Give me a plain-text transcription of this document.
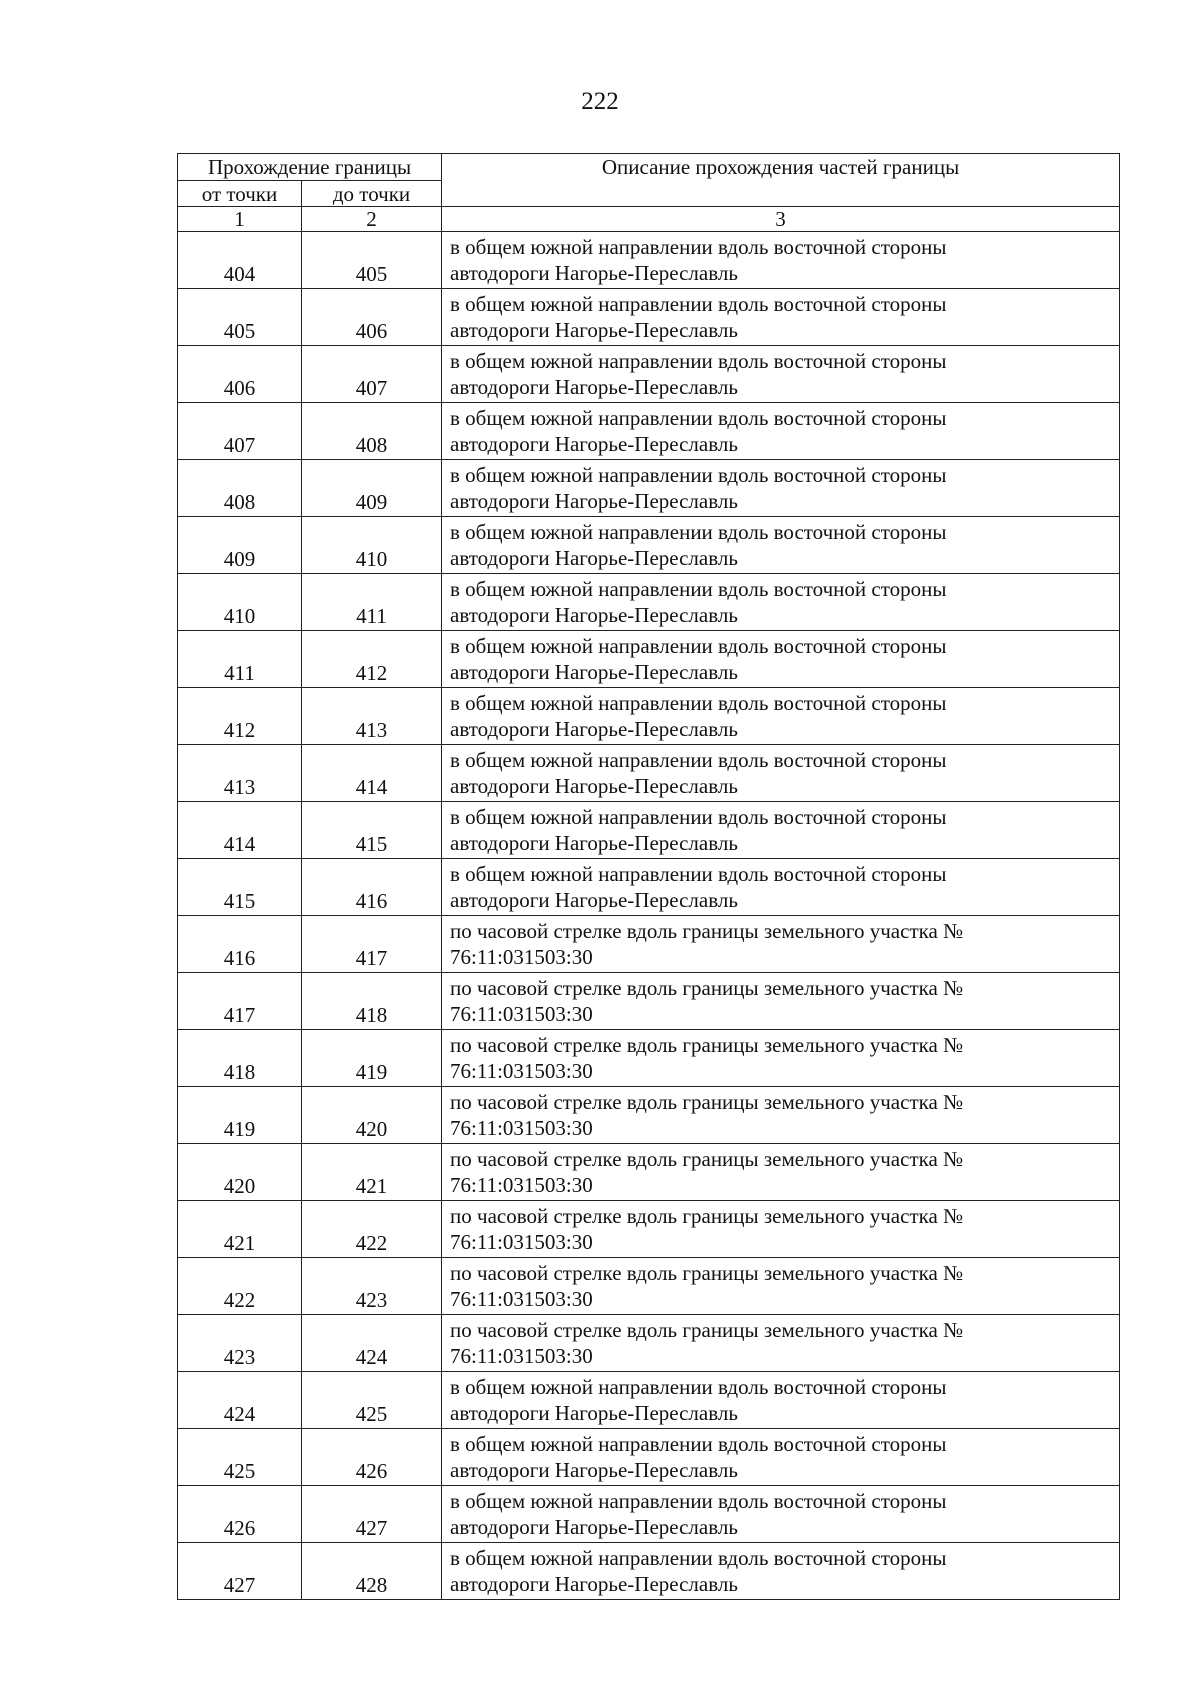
222
Прохождение границы		Описание прохождения частей границы
от точки	до точки	
1	2	3
404	405	в общем южной направлении вдоль восточной стороны
автодороги Нагорье-Переславль

405	406	в общем южной направлении вдоль восточной стороны
автодороги Нагорье-Переславль

406	407	в общем южной направлении вдоль восточной стороны
автодороги Нагорье-Переславль

407	408	в общем южной направлении вдоль восточной стороны
автодороги Нагорье-Переславль

408	409	в общем южной направлении вдоль восточной стороны
автодороги Нагорье-Переславль

409	410	в общем южной направлении вдоль восточной стороны
автодороги Нагорье-Переславль

410	411	в общем южной направлении вдоль восточной стороны
автодороги Нагорье-Переславль

411	412	в общем южной направлении вдоль восточной стороны
автодороги Нагорье-Переславль

412	413	в общем южной направлении вдоль восточной стороны
автодороги Нагорье-Переславль

413	414	в общем южной направлении вдоль восточной стороны
автодороги Нагорье-Переславль

414	415	в общем южной направлении вдоль восточной стороны
автодороги Нагорье-Переславль

415	416	в общем южной направлении вдоль восточной стороны
автодороги Нагорье-Переславль

416	417	по часовой стрелке вдоль границы земельного участка №
76:11:031503:30

417	418	по часовой стрелке вдоль границы земельного участка №
76:11:031503:30

418	419	по часовой стрелке вдоль границы земельного участка №
76:11:031503:30

419	420	по часовой стрелке вдоль границы земельного участка №
76:11:031503:30

420	421	по часовой стрелке вдоль границы земельного участка №
76:11:031503:30

421	422	по часовой стрелке вдоль границы земельного участка №
76:11:031503:30

422	423	по часовой стрелке вдоль границы земельного участка №
76:11:031503:30

423	424	по часовой стрелке вдоль границы земельного участка №
76:11:031503:30

424	425	в общем южной направлении вдоль восточной стороны
автодороги Нагорье-Переславль

425	426	в общем южной направлении вдоль восточной стороны
автодороги Нагорье-Переславль

426	427	в общем южной направлении вдоль восточной стороны
автодороги Нагорье-Переславль

427	428	в общем южной направлении вдоль восточной стороны
автодороги Нагорье-Переславль
